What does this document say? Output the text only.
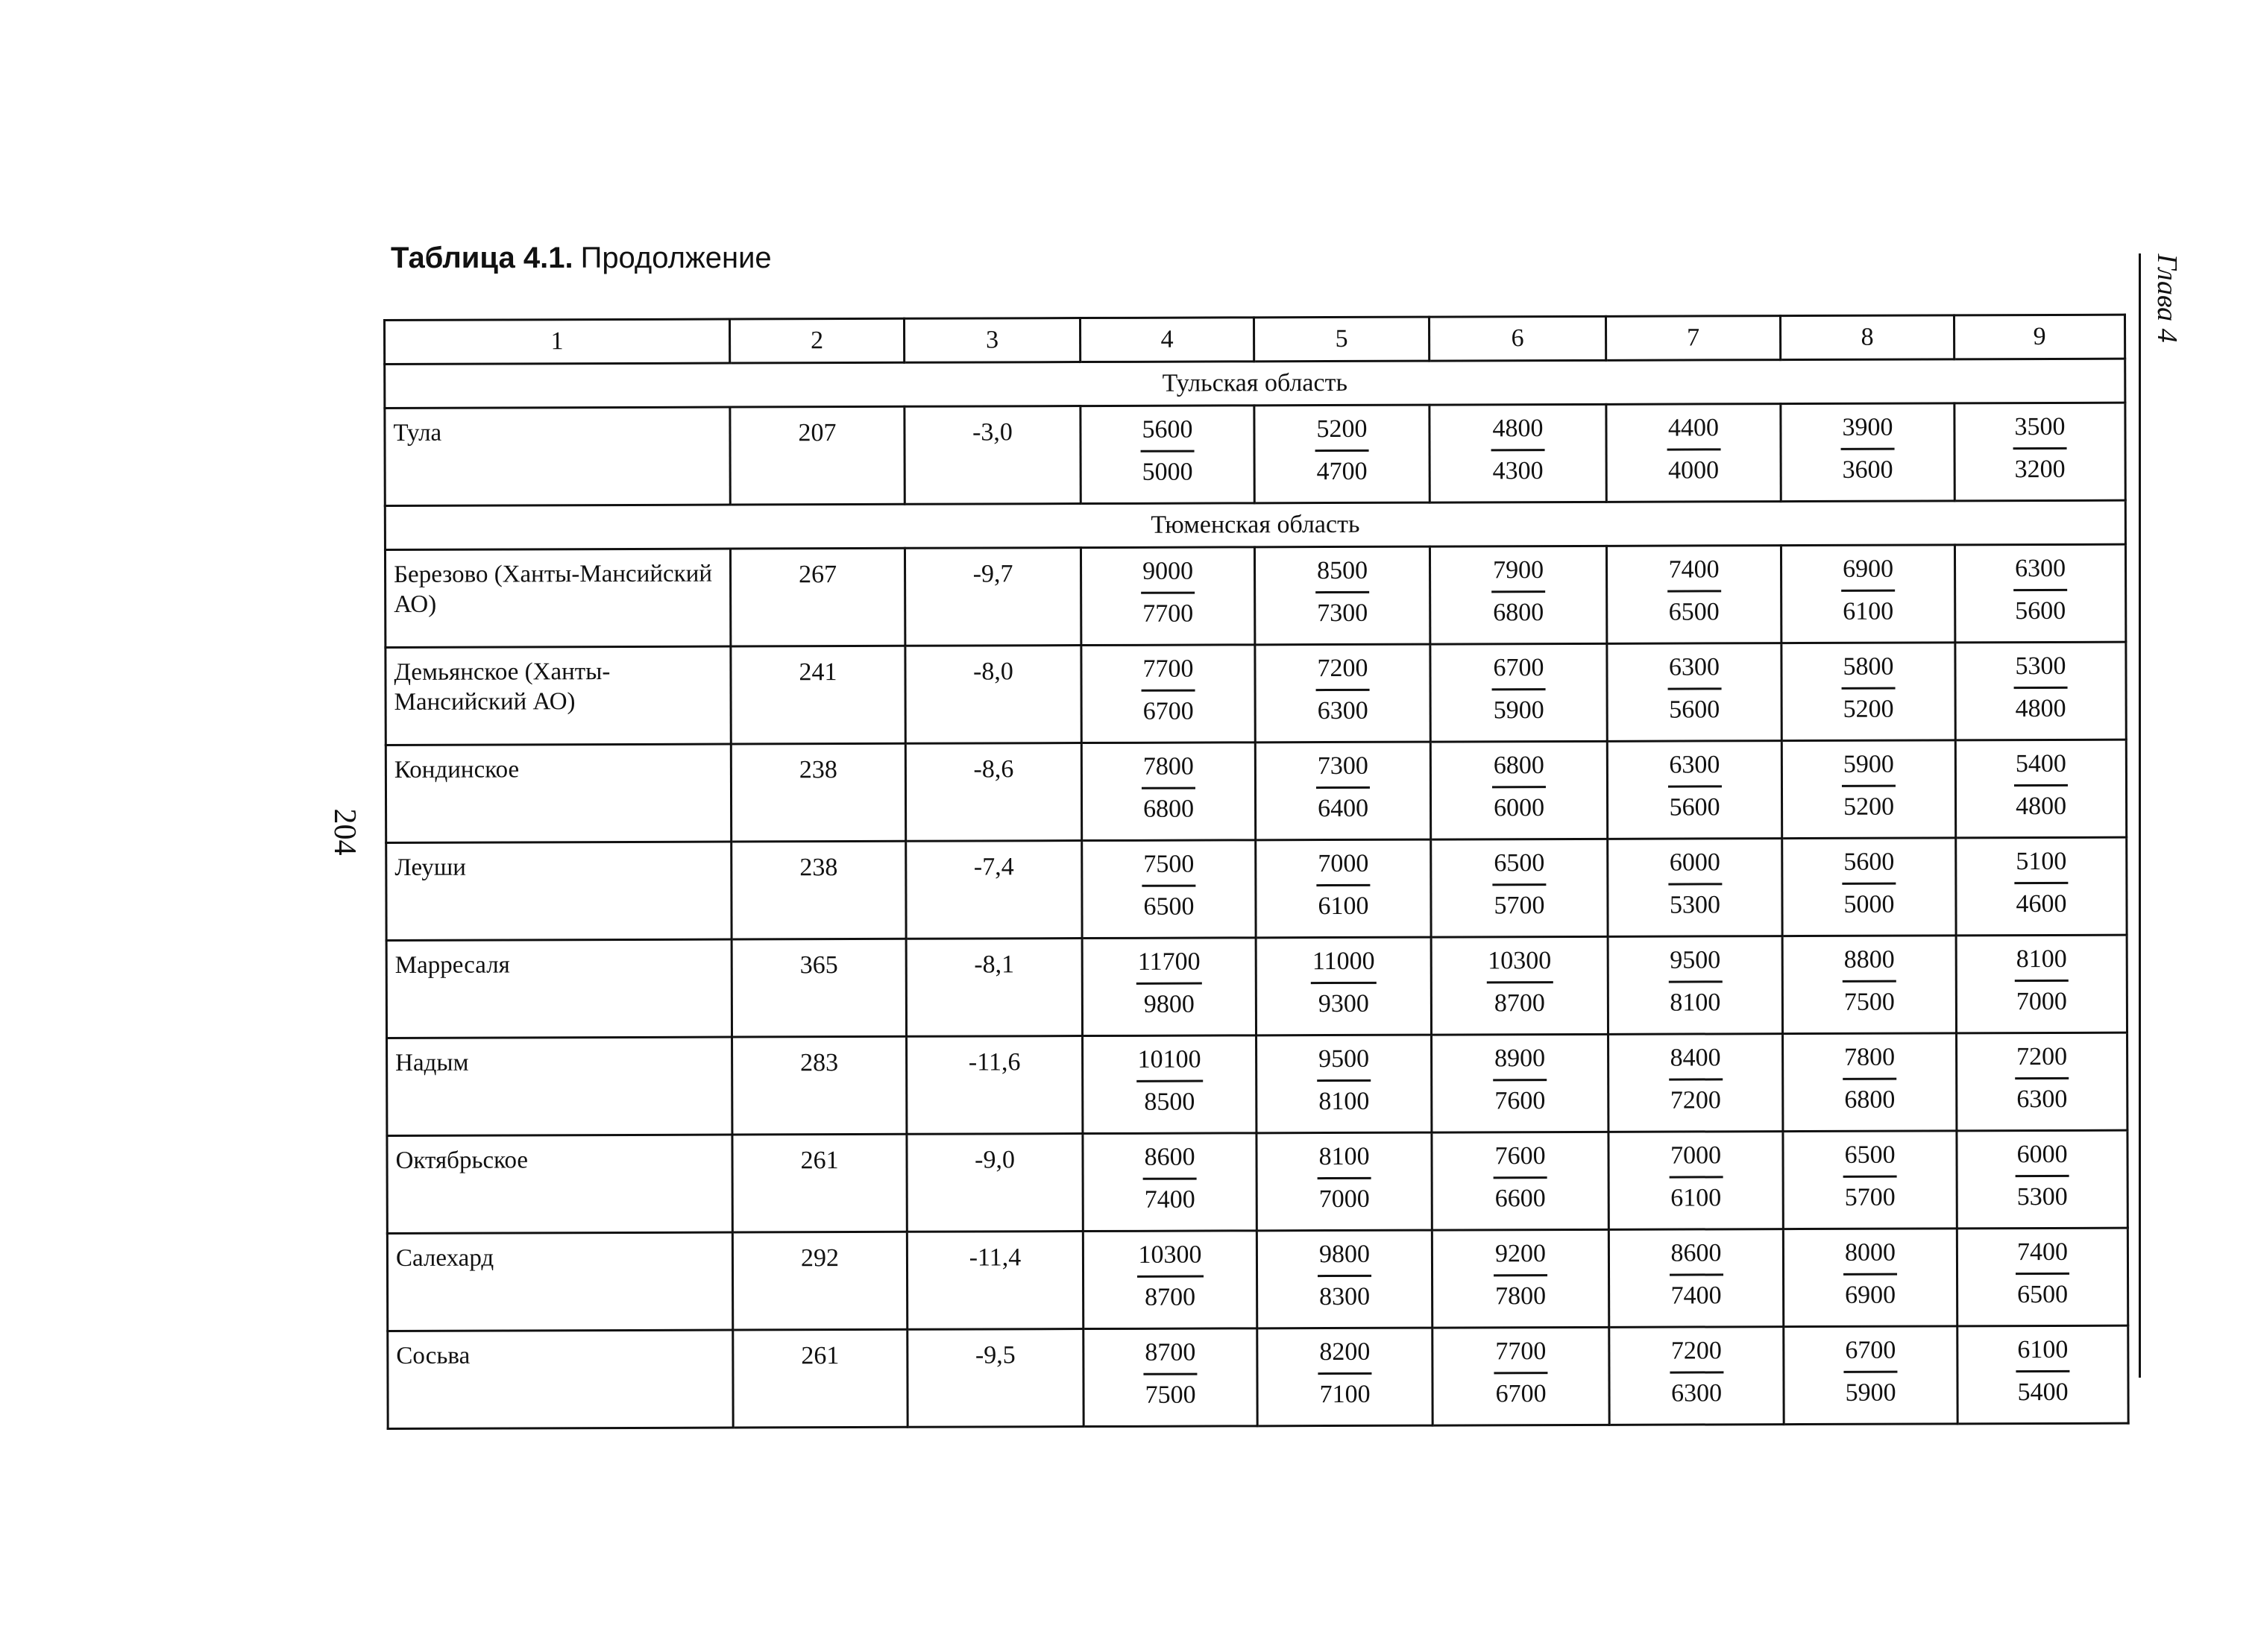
Таблица 4.1. Продолжение
204
Глава 4
1	2	3	4	5	6	7	8	9
Тульская область								
Тула	207	-3,0	$\frac{5600}{5000}$	$\frac{5200}{4700}$	$\frac{4800}{4300}$	$\frac{4400}{4000}$	$\frac{3900}{3600}$	$\frac{3500}{3200}$

Тюменская область								
Березово (Ханты-Мансийский АО)	267	-9,7	$\frac{9000}{7700}$	$\frac{8500}{7300}$	$\frac{7900}{6800}$	$\frac{7400}{6500}$	$\frac{6900}{6100}$	$\frac{6300}{5600}$

Демьянское (Ханты-Мансийский АО)	241	-8,0	$\frac{7700}{6700}$	$\frac{7200}{6300}$	$\frac{6700}{5900}$	$\frac{6300}{5600}$	$\frac{5800}{5200}$	$\frac{5300}{4800}$

Кондинское	238	-8,6	$\frac{7800}{6800}$	$\frac{7300}{6400}$	$\frac{6800}{6000}$	$\frac{6300}{5600}$	$\frac{5900}{5200}$	$\frac{5400}{4800}$

Леуши	238	-7,4	$\frac{7500}{6500}$	$\frac{7000}{6100}$	$\frac{6500}{5700}$	$\frac{6000}{5300}$	$\frac{5600}{5000}$	$\frac{5100}{4600}$

Марресаля	365	-8,1	$\frac{11700}{9800}$	$\frac{11000}{9300}$	$\frac{10300}{8700}$	$\frac{9500}{8100}$	$\frac{8800}{7500}$	$\frac{8100}{7000}$

Надым	283	-11,6	$\frac{10100}{8500}$	$\frac{9500}{8100}$	$\frac{8900}{7600}$	$\frac{8400}{7200}$	$\frac{7800}{6800}$	$\frac{7200}{6300}$

Октябрьское	261	-9,0	$\frac{8600}{7400}$	$\frac{8100}{7000}$	$\frac{7600}{6600}$	$\frac{7000}{6100}$	$\frac{6500}{5700}$	$\frac{6000}{5300}$

Салехард	292	-11,4	$\frac{10300}{8700}$	$\frac{9800}{8300}$	$\frac{9200}{7800}$	$\frac{8600}{7400}$	$\frac{8000}{6900}$	$\frac{7400}{6500}$

Сосьва	261	-9,5	$\frac{8700}{7500}$	$\frac{8200}{7100}$	$\frac{7700}{6700}$	$\frac{7200}{6300}$	$\frac{6700}{5900}$	$\frac{6100}{5400}$
